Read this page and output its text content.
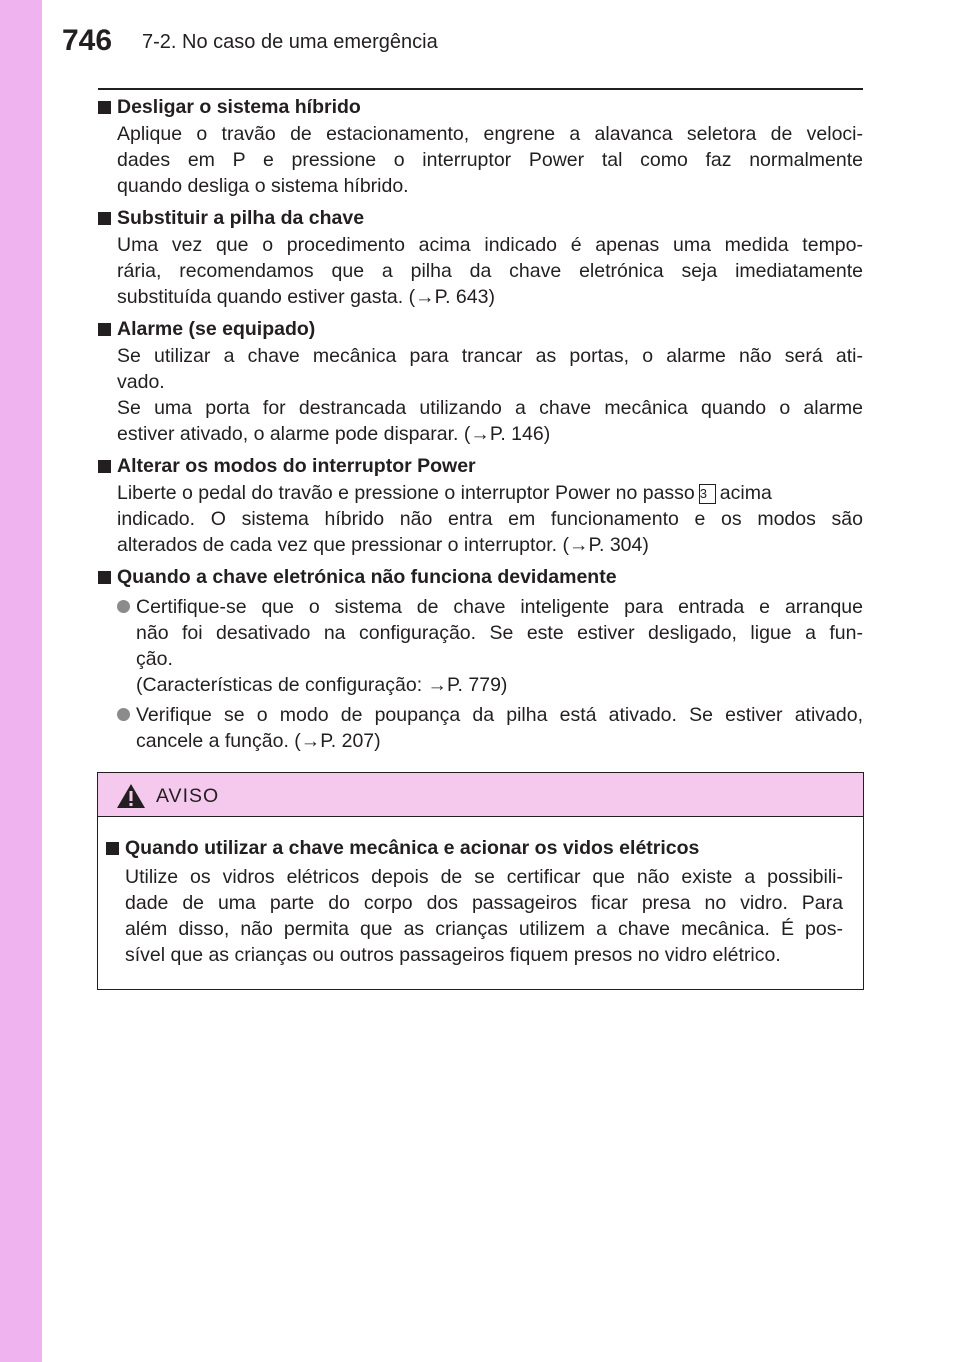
746 7-2. No caso de uma emergência
Desligar o sistema híbrido
Aplique o travão de estacionamento, engrene a alavanca seletora de veloci-
dades em P e pressione o interruptor Power tal como faz normalmente
quando desliga o sistema híbrido.
Substituir a pilha da chave
Uma vez que o procedimento acima indicado é apenas uma medida tempo-
rária, recomendamos que a pilha da chave eletrónica seja imediatamente
substituída quando estiver gasta. (→P. 643)
Alarme (se equipado)
Se utilizar a chave mecânica para trancar as portas, o alarme não será ati-
vado.
Se uma porta for destrancada utilizando a chave mecânica quando o alarme
estiver ativado, o alarme pode disparar. (→P. 146)
Alterar os modos do interruptor Power
Liberte o pedal do travão e pressione o interruptor Power no passo 3 acima
indicado. O sistema híbrido não entra em funcionamento e os modos são
alterados de cada vez que pressionar o interruptor. (→P. 304)
Quando a chave eletrónica não funciona devidamente
Certifique-se que o sistema de chave inteligente para entrada e arranque
não foi desativado na configuração. Se este estiver desligado, ligue a fun-
ção.
(Características de configuração: →P. 779)
Verifique se o modo de poupança da pilha está ativado. Se estiver ativado,
cancele a função. (→P. 207)
AVISO
Quando utilizar a chave mecânica e acionar os vidos elétricos
Utilize os vidros elétricos depois de se certificar que não existe a possibili-
dade de uma parte do corpo dos passageiros ficar presa no vidro. Para
além disso, não permita que as crianças utilizem a chave mecânica. É pos-
sível que as crianças ou outros passageiros fiquem presos no vidro elétrico.
